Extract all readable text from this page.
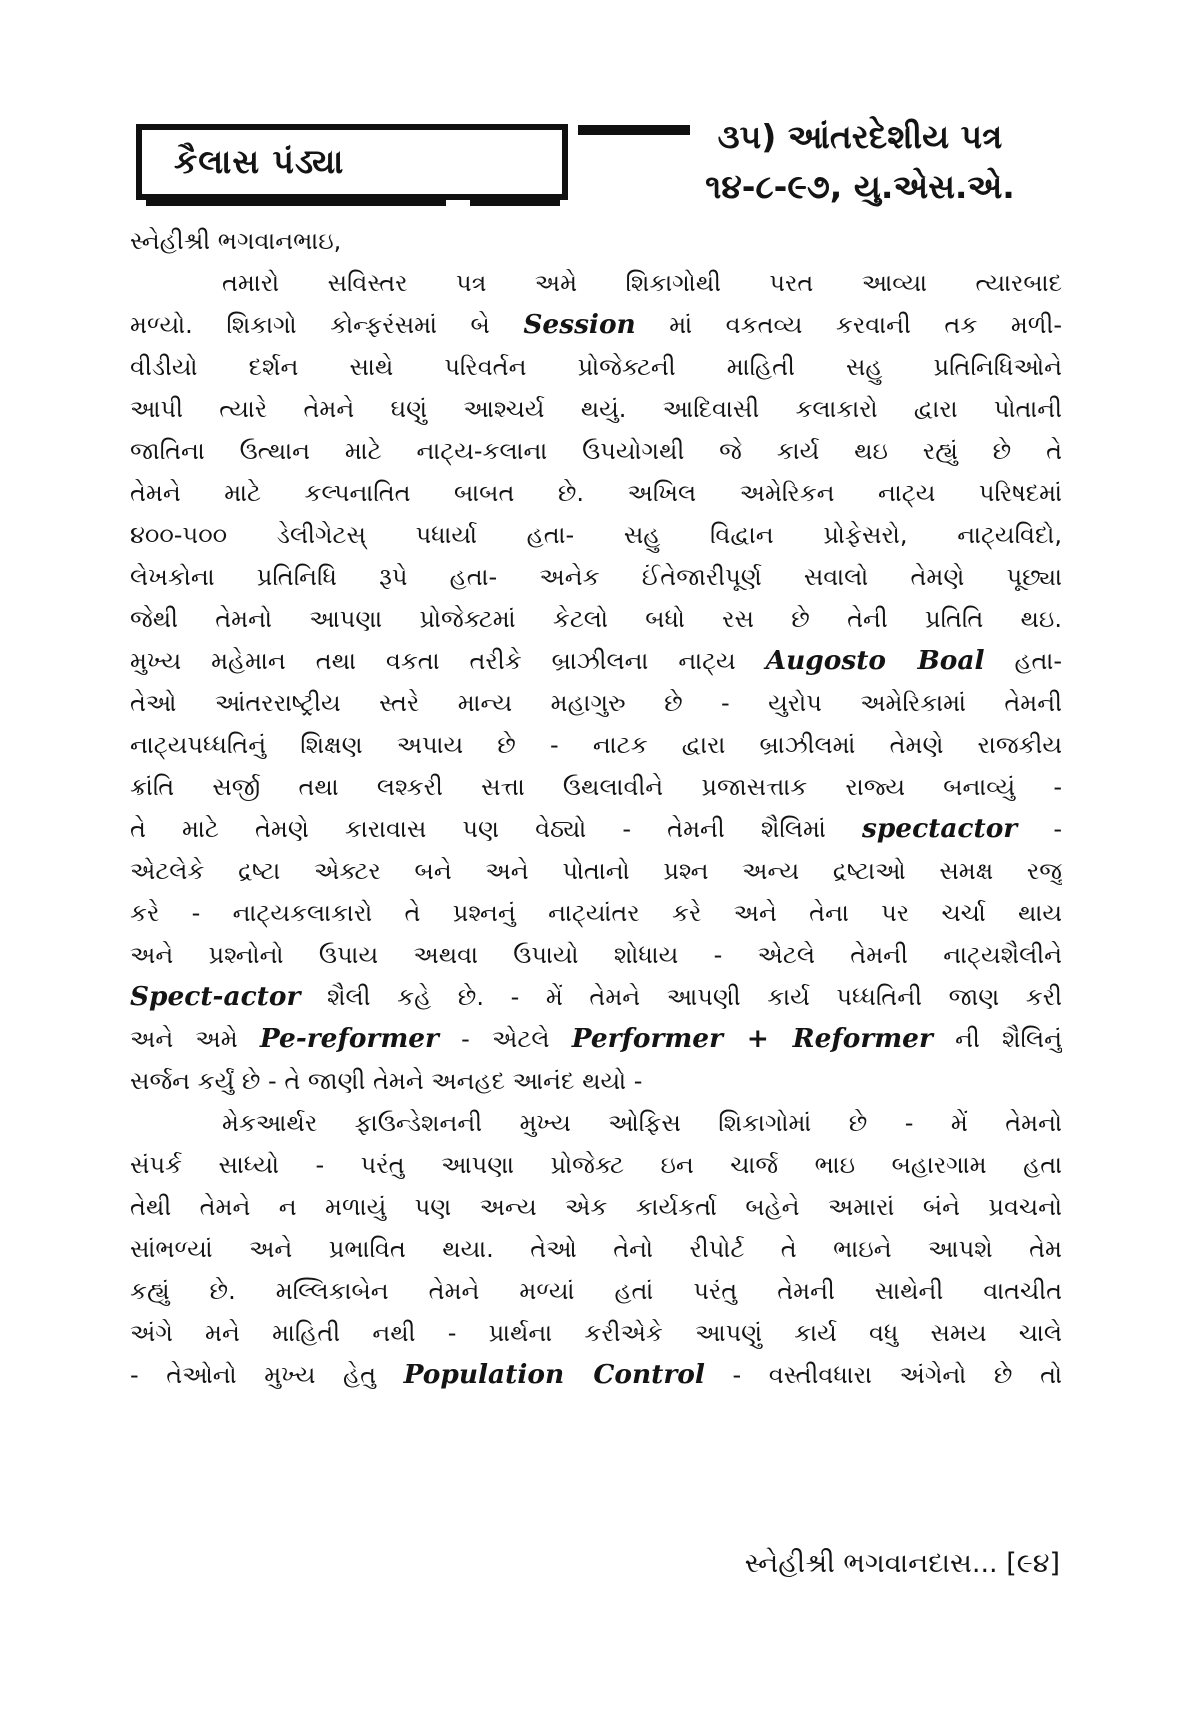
કૈલાસ પંડ્યા
૩૫) આંતરદેશીય પત્ર
૧૪-૮-૯૭, યુ.એસ.એ.
સ્નેહીશ્રી ભગવાનભાઇ,
તમારો સવિસ્તર પત્ર અમે શિકાગોથી પરત આવ્યા ત્યારબાદ
મળ્યો. શિકાગો કોન્ફરંસમાં બે Session માં વકતવ્ય કરવાની તક મળી-
વીડીયો દર્શન સાથે પરિવર્તન પ્રોજેક્ટની માહિતી સહુ પ્રતિનિધિઓને
આપી ત્યારે તેમને ઘણું આશ્ચર્ય થયું. આદિવાસી કલાકારો દ્વારા પોતાની
જાતિના ઉત્થાન માટે નાટ્ય-કલાના ઉપયોગથી જે કાર્ય થઇ રહ્યું છે તે
તેમને માટે કલ્પનાતિત બાબત છે. અખિલ અમેરિકન નાટ્ય પરિષદમાં
૪૦૦-૫૦૦ ડેલીગેટસ્ પધાર્યા હતા- સહુ વિદ્વાન પ્રોફેસરો, નાટ્યવિદો,
લેખકોના પ્રતિનિધિ રૂપે હતા- અનેક ઈંતેજારીપૂર્ણ સવાલો તેમણે પૂછ્યા
જેથી તેમનો આપણા પ્રોજેક્ટમાં કેટલો બધો રસ છે તેની પ્રતિતિ થઇ.
મુખ્ય મહેમાન તથા વકતા તરીકે બ્રાઝીલના નાટ્ય Augosto Boal હતા-
તેઓ આંતરરાષ્ટ્રીય સ્તરે માન્ય મહાગુરુ છે - યુરોપ અમેરિકામાં તેમની
નાટ્યપધ્ધતિનું શિક્ષણ અપાય છે - નાટક દ્વારા બ્રાઝીલમાં તેમણે રાજકીય
ક્રાંતિ સર્જી તથા લશ્કરી સત્તા ઉથલાવીને પ્રજાસત્તાક રાજ્ય બનાવ્યું -
તે માટે તેમણે કારાવાસ પણ વેઠ્યો - તેમની શૈલિમાં spectactor -
એટલેકે દ્રષ્ટા એક્ટર બને અને પોતાનો પ્રશ્ન અન્ય દ્રષ્ટાઓ સમક્ષ રજુ
કરે - નાટ્યકલાકારો તે પ્રશ્નનું નાટ્યાંતર કરે અને તેના પર ચર્ચા થાય
અને પ્રશ્નોનો ઉપાય અથવા ઉપાયો શોધાય - એટલે તેમની નાટ્યશૈલીને
Spect-actor શૈલી કહે છે. - મેં તેમને આપણી કાર્ય પધ્ધતિની જાણ કરી
અને અમે Pe-reformer - એટલે Performer + Reformer ની શૈલિનું
સર્જન કર્યું છે - તે જાણી તેમને અનહદ આનંદ થયો -
મેકઆર્થર ફાઉન્ડેશનની મુખ્ય ઓફિસ શિકાગોમાં છે - મેં તેમનો
સંપર્ક સાધ્યો - પરંતુ આપણા પ્રોજેક્ટ ઇન ચાર્જ ભાઇ બહારગામ હતા
તેથી તેમને ન મળાયું પણ અન્ય એક કાર્યકર્તા બહેને અમારાં બંને પ્રવચનો
સાંભળ્યાં અને પ્રભાવિત થયા. તેઓ તેનો રીપોર્ટ તે ભાઇને આપશે તેમ
કહ્યું છે. મલ્લિકાબેન તેમને મળ્યાં હતાં પરંતુ તેમની સાથેની વાતચીત
અંગે મને માહિતી નથી - પ્રાર્થના કરીએકે આપણું કાર્ય વધુ સમય ચાલે
- તેઓનો મુખ્ય હેતુ Population Control - વસ્તીવધારા અંગેનો છે તો
સ્નેહીશ્રી ભગવાનદાસ... [૯૪]
